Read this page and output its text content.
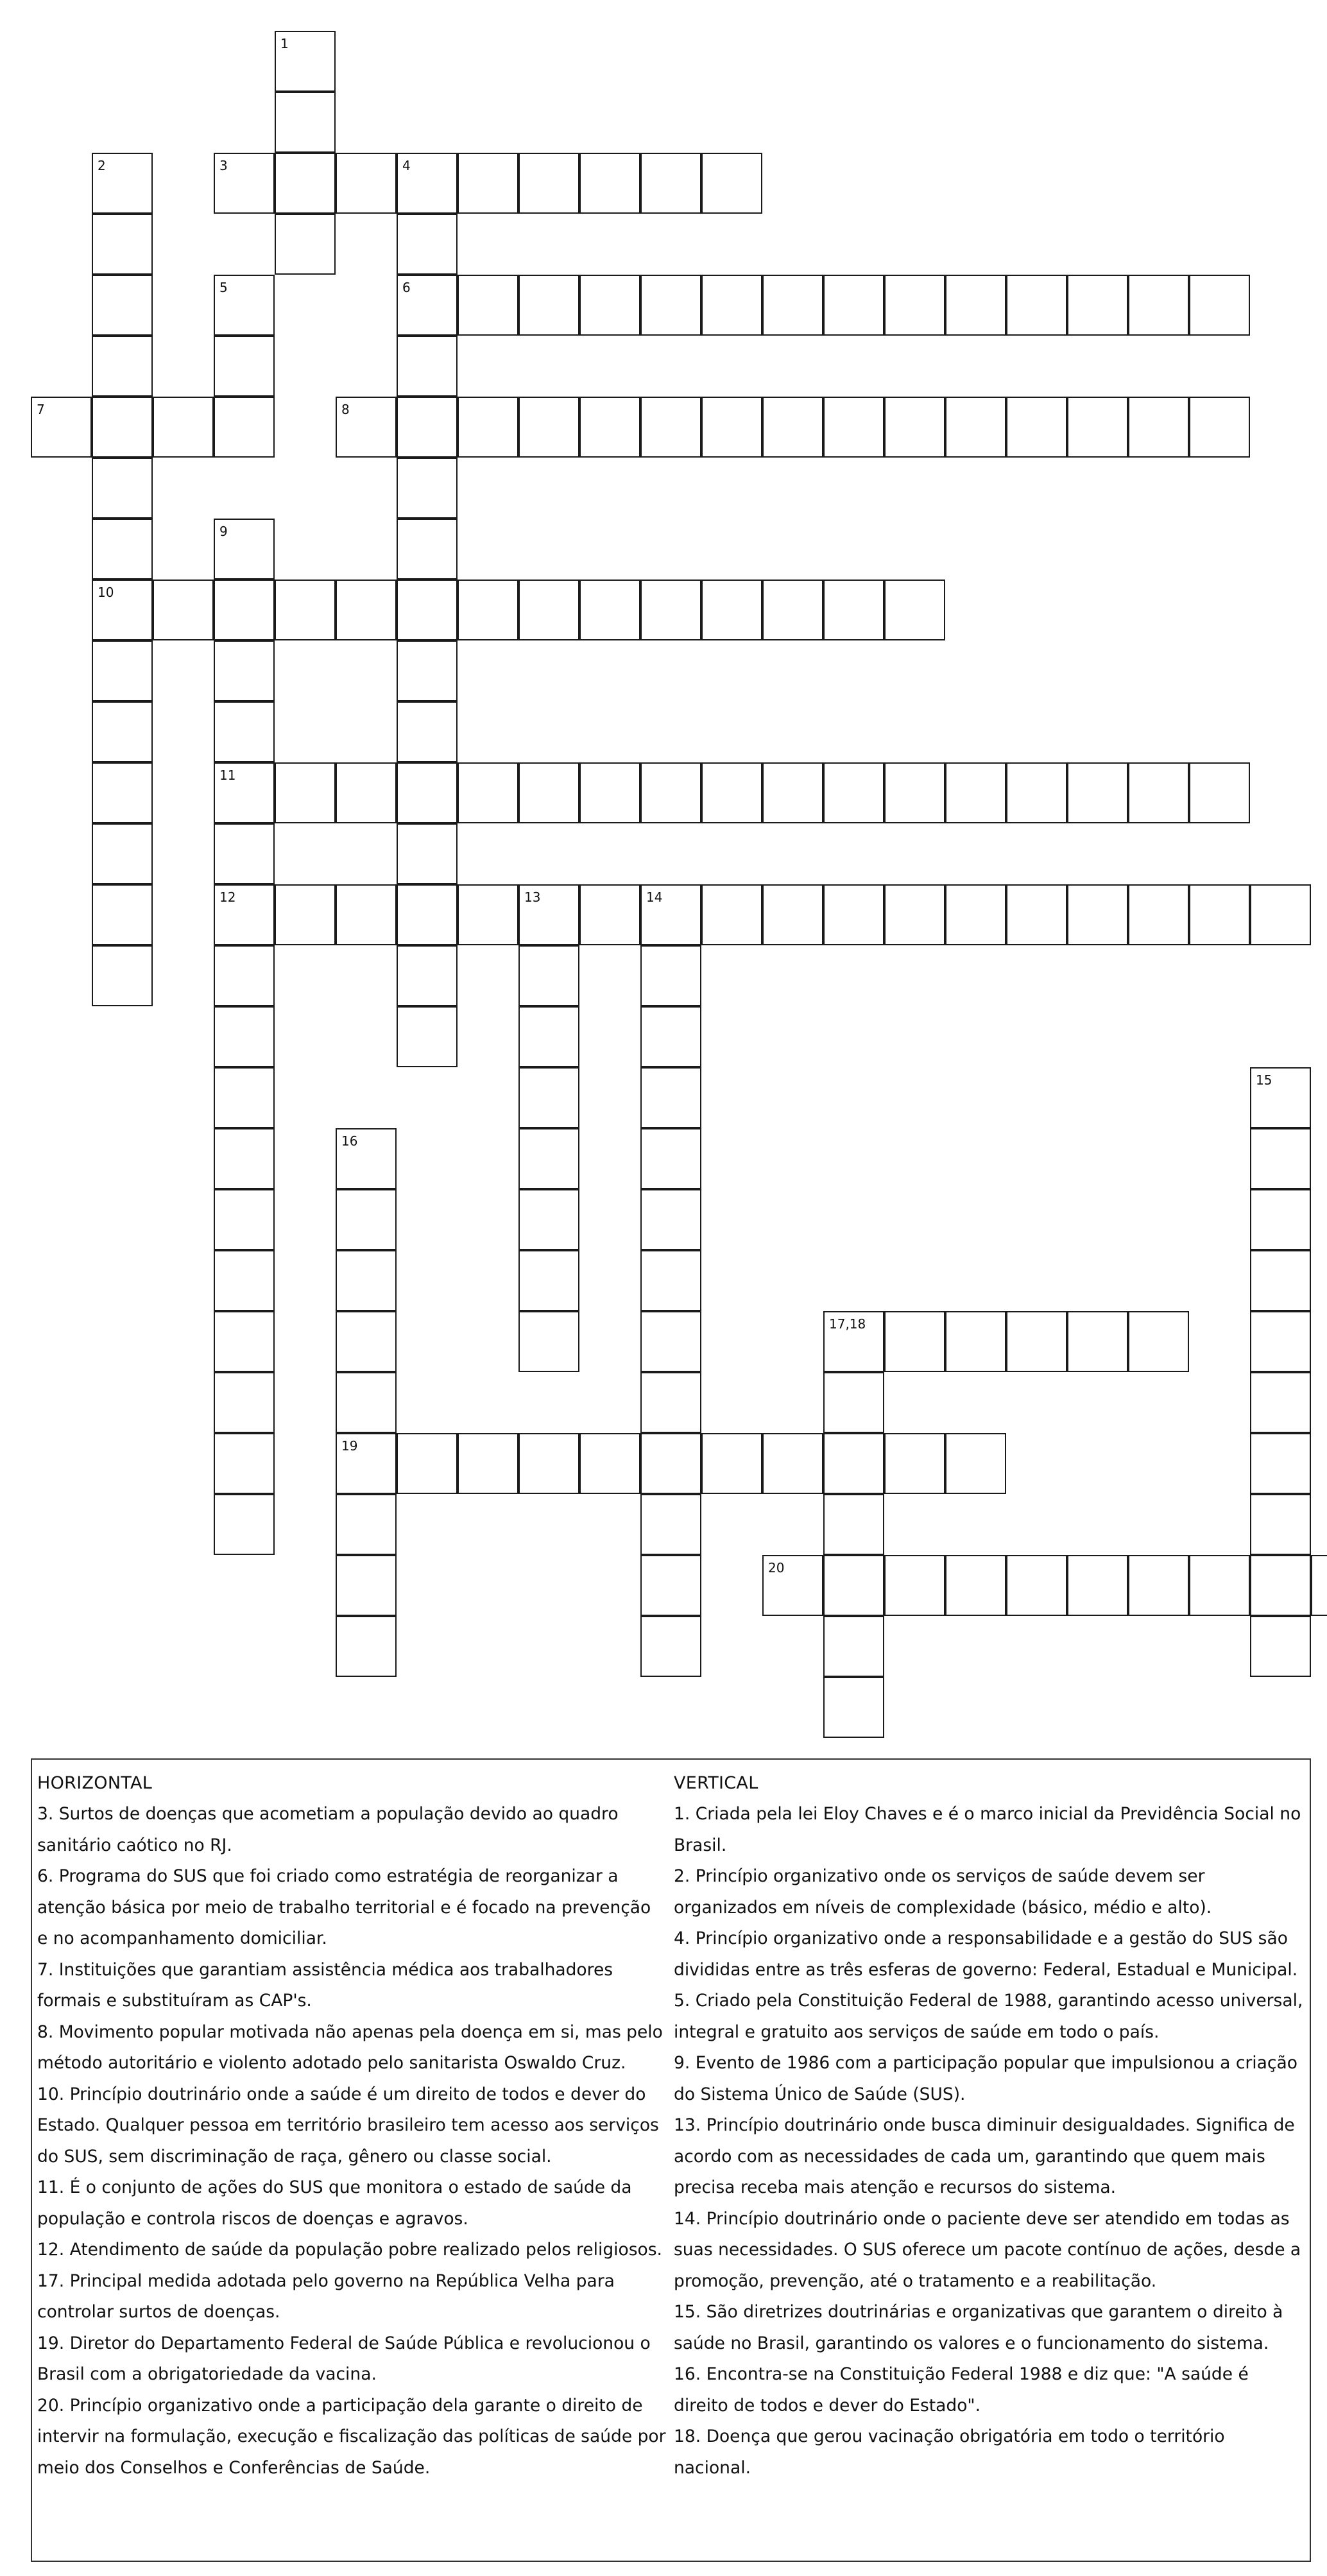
1
2	3	4
5	6
7	8
9
10
11
12	13	14
15
16
17,18
19
20
HORIZONTAL

3. Surtos de doenças que acometiam a população devido ao quadro sanitário caótico no RJ.

6. Programa do SUS que foi criado como estratégia de reorganizar a atenção básica por meio de trabalho territorial e é focado na prevenção e no acompanhamento domiciliar.

7. Instituições que garantiam assistência médica aos trabalhadores formais e substituíram as CAP's.

8. Movimento popular motivada não apenas pela doença em si, mas pelo método autoritário e violento adotado pelo sanitarista Oswaldo Cruz.

10. Princípio doutrinário onde a saúde é um direito de todos e dever do Estado. Qualquer pessoa em território brasileiro tem acesso aos serviços do SUS, sem discriminação de raça, gênero ou classe social.

11. É o conjunto de ações do SUS que monitora o estado de saúde da população e controla riscos de doenças e agravos.

12. Atendimento de saúde da população pobre realizado pelos religiosos.

17. Principal medida adotada pelo governo na República Velha para controlar surtos de doenças.

19. Diretor do Departamento Federal de Saúde Pública e revolucionou o Brasil com a obrigatoriedade da vacina.

20. Princípio organizativo onde a participação dela garante o direito de intervir na formulação, execução e fiscalização das políticas de saúde por meio dos Conselhos e Conferências de Saúde.

VERTICAL

1. Criada pela lei Eloy Chaves e é o marco inicial da Previdência Social no Brasil.

2. Princípio organizativo onde os serviços de saúde devem ser organizados em níveis de complexidade (básico, médio e alto).

4. Princípio organizativo onde a responsabilidade e a gestão do SUS são divididas entre as três esferas de governo: Federal, Estadual e Municipal.

5. Criado pela Constituição Federal de 1988, garantindo acesso universal, integral e gratuito aos serviços de saúde em todo o país.

9. Evento de 1986 com a participação popular que impulsionou a criação do Sistema Único de Saúde (SUS).

13. Princípio doutrinário onde busca diminuir desigualdades. Significa de acordo com as necessidades de cada um, garantindo que quem mais precisa receba mais atenção e recursos do sistema.

14. Princípio doutrinário onde o paciente deve ser atendido em todas as suas necessidades. O SUS oferece um pacote contínuo de ações, desde a promoção, prevenção, até o tratamento e a reabilitação.

15. São diretrizes doutrinárias e organizativas que garantem o direito à saúde no Brasil, garantindo os valores e o funcionamento do sistema.

16. Encontra-se na Constituição Federal 1988 e diz que: "A saúde é direito de todos e dever do Estado".

18. Doença que gerou vacinação obrigatória em todo o território nacional.
